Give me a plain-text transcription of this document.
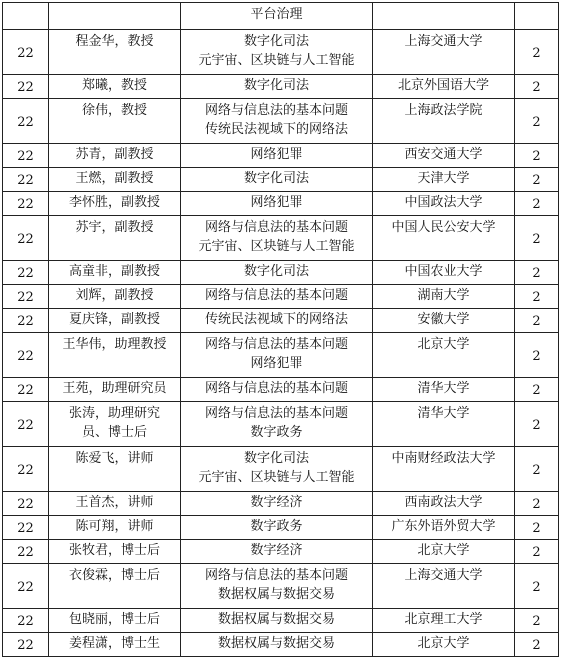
		平台治理		
22	程金华，教授	数字化司法
元宇宙、区块链与人工智能	上海交通大学	2
22	郑曦，教授	数字化司法	北京外国语大学	2
22	徐伟，教授	网络与信息法的基本问题
传统民法视域下的网络法	上海政法学院	2
22	苏青，副教授	网络犯罪	西安交通大学	2
22	王燃，副教授	数字化司法	天津大学	2
22	李怀胜，副教授	网络犯罪	中国政法大学	2
22	苏宇，副教授	网络与信息法的基本问题
元宇宙、区块链与人工智能	中国人民公安大学	2
22	高童非，副教授	数字化司法	中国农业大学	2
22	刘辉，副教授	网络与信息法的基本问题	湖南大学	2
22	夏庆锋，副教授	传统民法视域下的网络法	安徽大学	2
22	王华伟，助理教授	网络与信息法的基本问题
网络犯罪	北京大学	2
22	王苑，助理研究员	网络与信息法的基本问题	清华大学	2
22	张涛，助理研究
员、博士后	网络与信息法的基本问题
数字政务	清华大学	2
22	陈爱飞，讲师	数字化司法
元宇宙、区块链与人工智能	中南财经政法大学	2
22	王首杰，讲师	数字经济	西南政法大学	2
22	陈可翔，讲师	数字政务	广东外语外贸大学	2
22	张牧君，博士后	数字经济	北京大学	2
22	衣俊霖，博士后	网络与信息法的基本问题
数据权属与数据交易	上海交通大学	2
22	包晓丽，博士后	数据权属与数据交易	北京理工大学	2
22	姜程潇，博士生	数据权属与数据交易	北京大学	2
